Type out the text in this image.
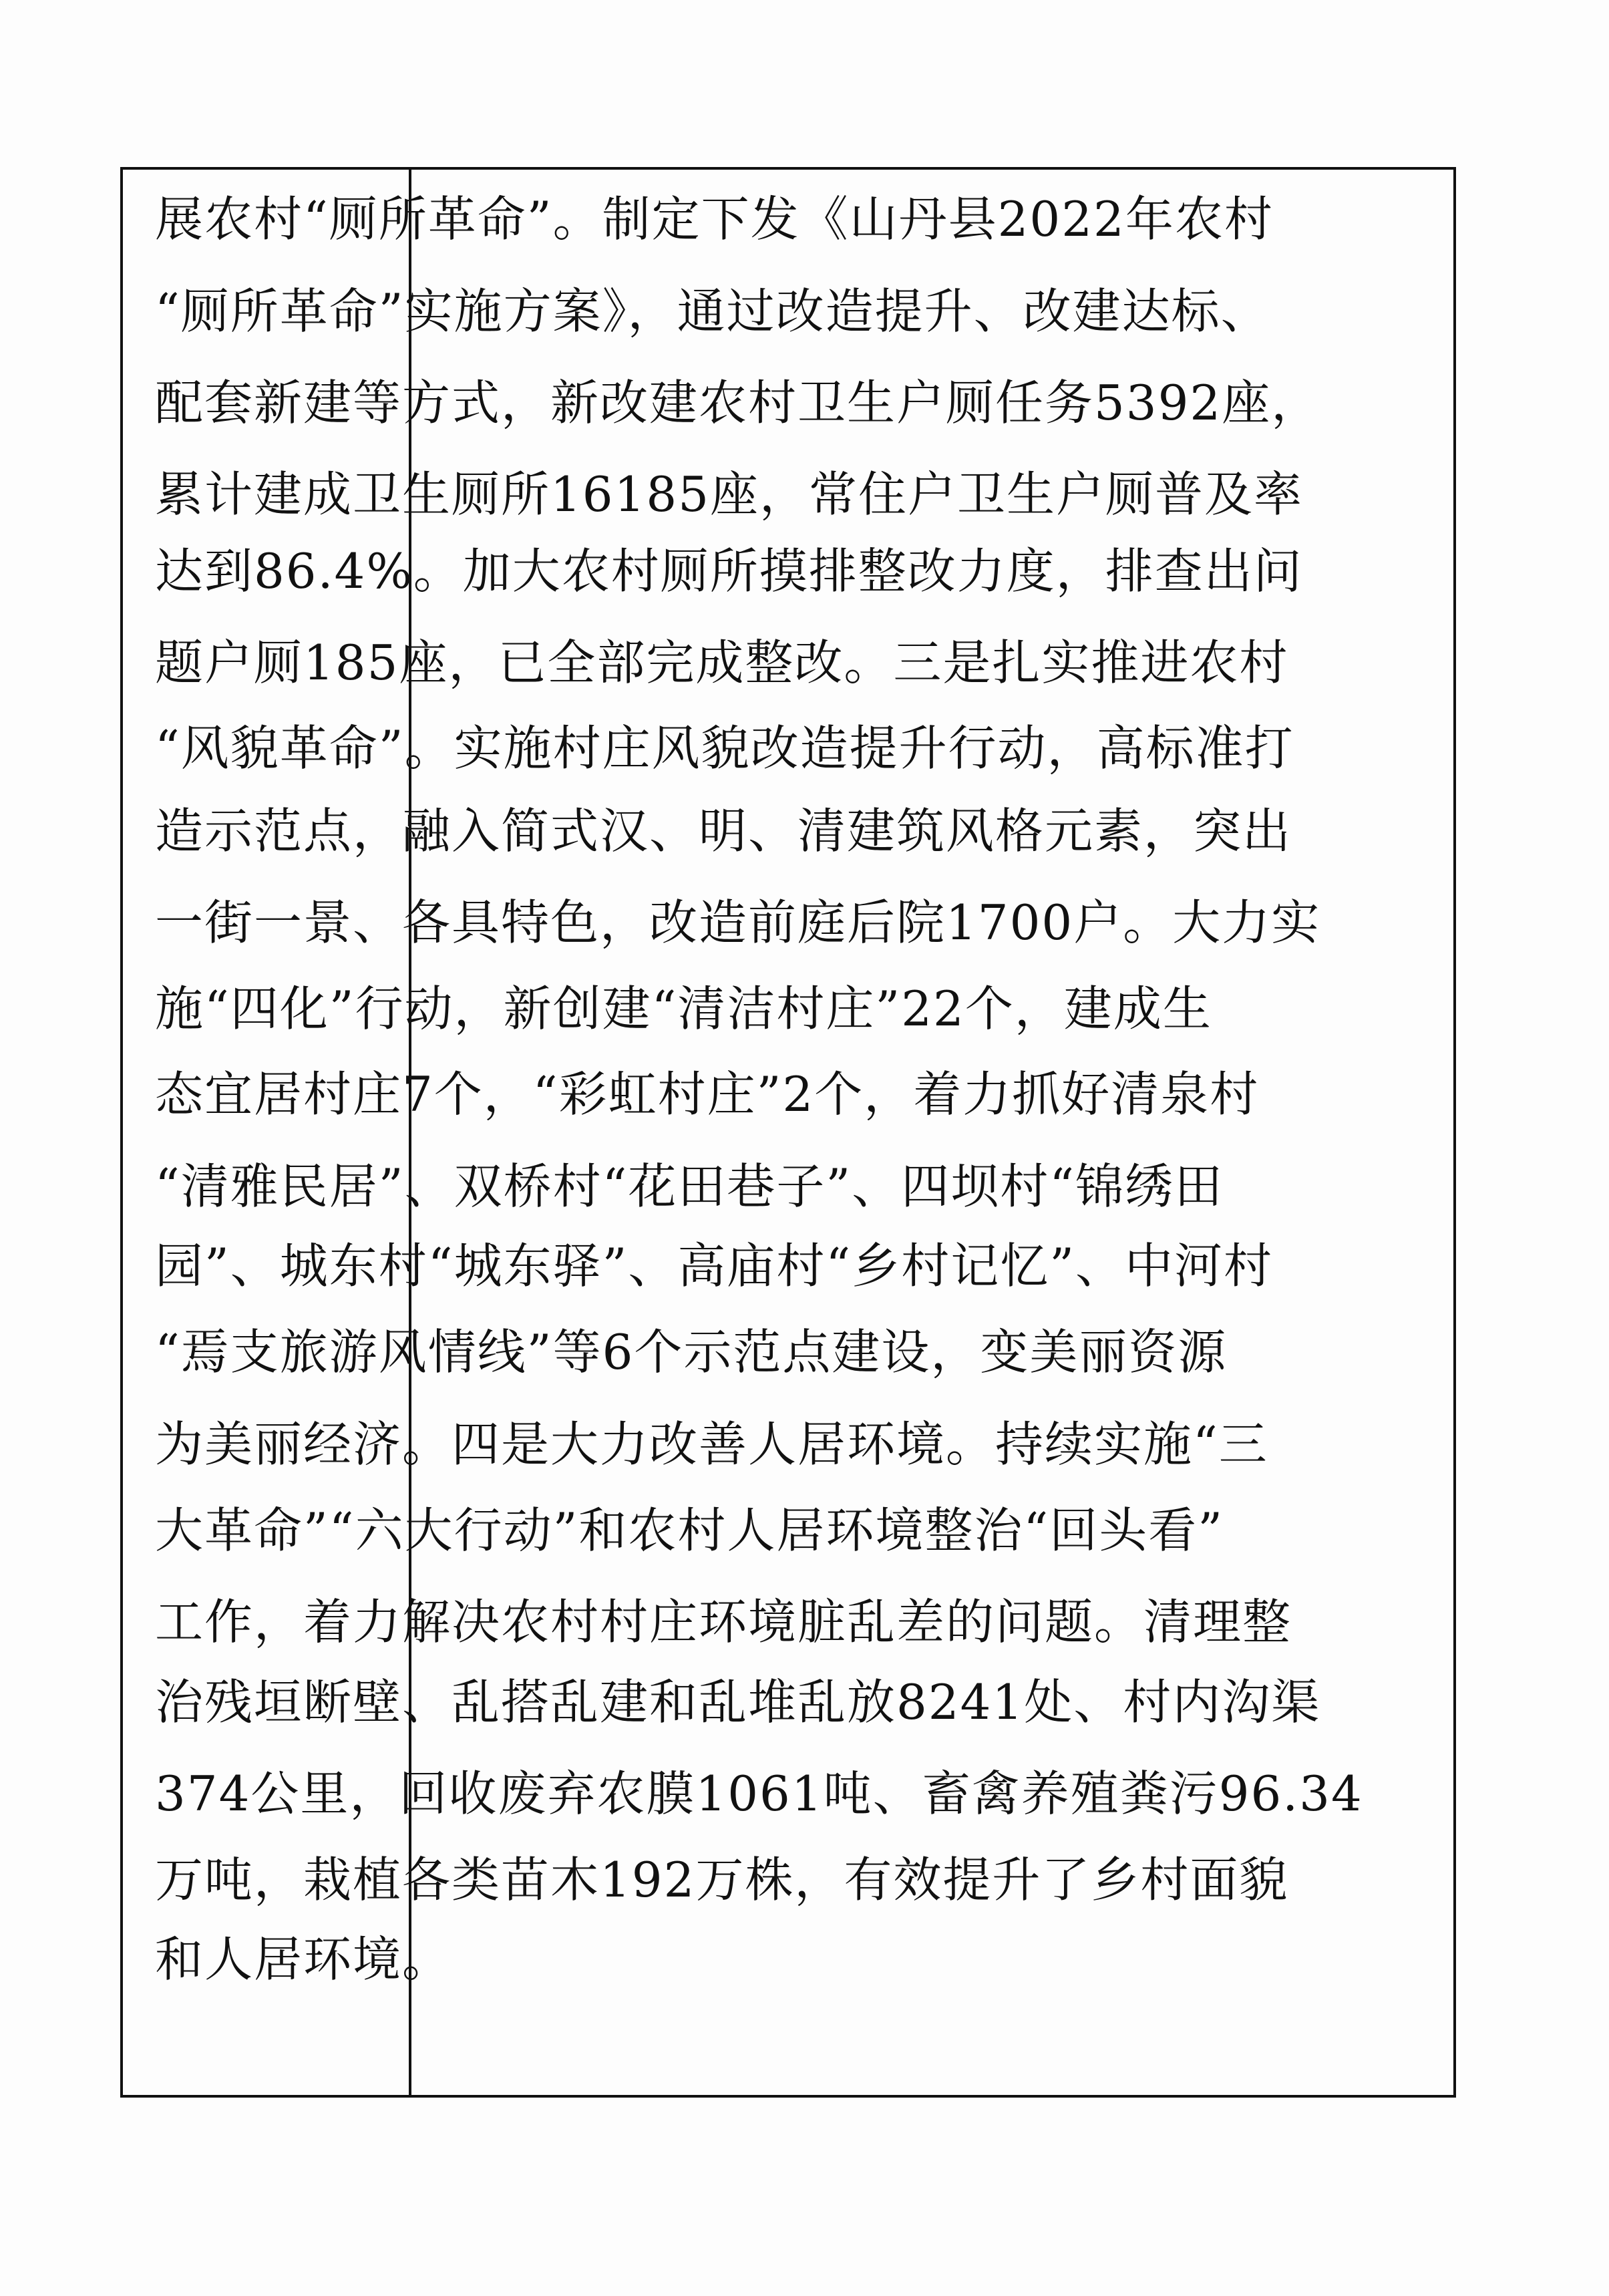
展农村“厕所革命”。制定下发《山丹县2022年农村
“厕所革命”实施方案》，通过改造提升、改建达标、
配套新建等方式，新改建农村卫生户厕任务5392座，
累计建成卫生厕所16185座，常住户卫生户厕普及率
达到86.4%。加大农村厕所摸排整改力度，排查出问
题户厕185座，已全部完成整改。三是扎实推进农村
“风貌革命”。实施村庄风貌改造提升行动，高标准打
造示范点，融入简式汉、明、清建筑风格元素，突出
一街一景、各具特色，改造前庭后院1700户。大力实
施“四化”行动，新创建“清洁村庄”22个，建成生
态宜居村庄7个，“彩虹村庄”2个，着力抓好清泉村
“清雅民居”、双桥村“花田巷子”、四坝村“锦绣田
园”、城东村“城东驿”、高庙村“乡村记忆”、中河村
“焉支旅游风情线”等6个示范点建设，变美丽资源
为美丽经济。四是大力改善人居环境。持续实施“三
大革命”“六大行动”和农村人居环境整治“回头看”
工作，着力解决农村村庄环境脏乱差的问题。清理整
治残垣断壁、乱搭乱建和乱堆乱放8241处、村内沟渠
374公里，回收废弃农膜1061吨、畜禽养殖粪污96.34
万吨，栽植各类苗木192万株，有效提升了乡村面貌
和人居环境。
